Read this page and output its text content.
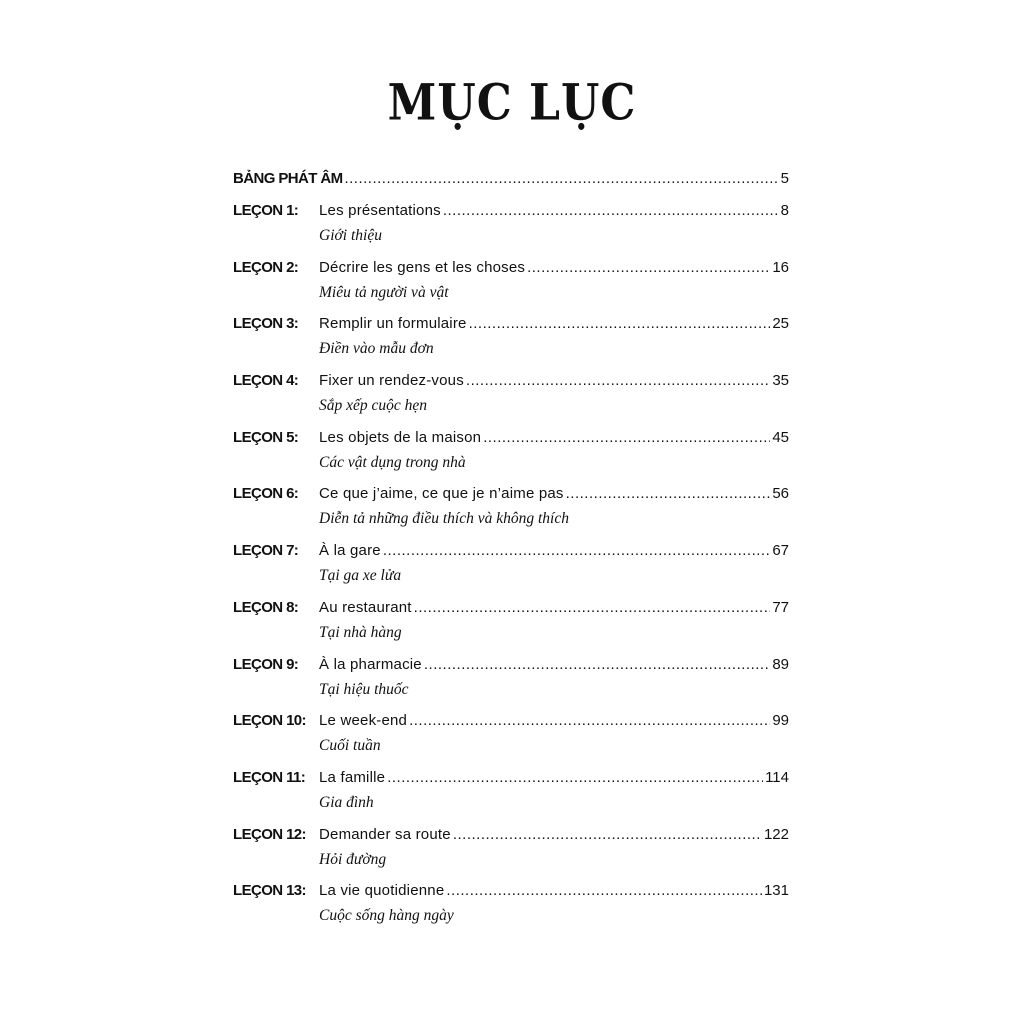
MỤC LỤC
BẢNG PHÁT ÂM .....	5
LEÇON 1:	Les présentations .....	8
Giới thiệu
LEÇON 2:	Décrire les gens et les choses .....	16
Miêu tả người và vật
LEÇON 3:	Remplir un formulaire .....	25
Điền vào mẫu đơn
LEÇON 4:	Fixer un rendez-vous .....	35
Sắp xếp cuộc hẹn
LEÇON 5:	Les objets de la maison .....	45
Các vật dụng trong nhà
LEÇON 6:	Ce que j’aime, ce que je n’aime pas .....	56
Diễn tả những điều thích và không thích
LEÇON 7:	À la gare .....	67
Tại ga xe lửa
LEÇON 8:	Au restaurant .....	77
Tại nhà hàng
LEÇON 9:	À la pharmacie .....	89
Tại hiệu thuốc
LEÇON 10: Le week-end .....	99
Cuối tuần
LEÇON 11: La famille .....	114
Gia đình
LEÇON 12: Demander sa route .....	122
Hỏi đường
LEÇON 13: La vie quotidienne .....	131
Cuộc sống hàng ngày
